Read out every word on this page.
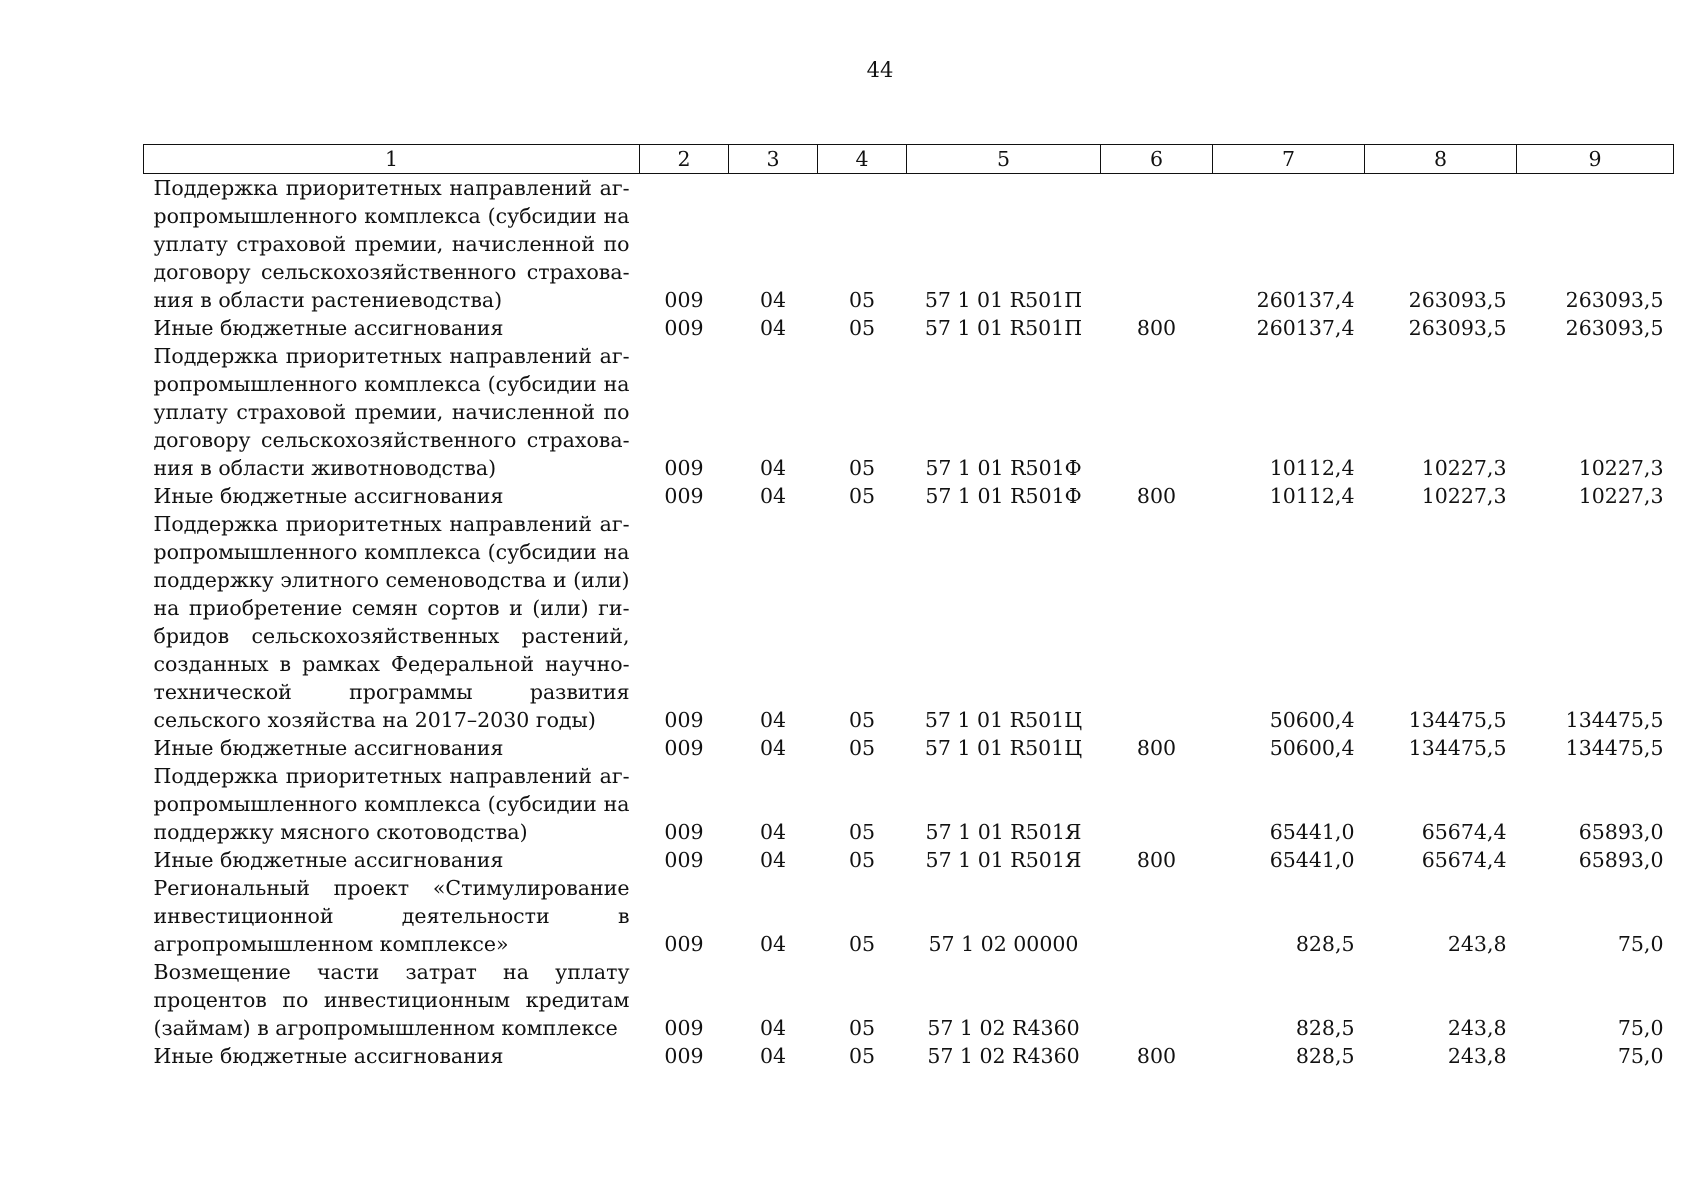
44
1	2	3	4	5	6	7	8	9
Поддержка приоритетных направлений агропромышленного комплекса (субсидии на уплату страховой премии, начисленной по договору сельскохозяйственного страхования в области растениеводства)	009	04	05	57 1 01 R501П		260137,4	263093,5	263093,5
Иные бюджетные ассигнования	009	04	05	57 1 01 R501П	800	260137,4	263093,5	263093,5
Поддержка приоритетных направлений агропромышленного комплекса (субсидии на уплату страховой премии, начисленной по договору сельскохозяйственного страхования в области животноводства)	009	04	05	57 1 01 R501Ф		10112,4	10227,3	10227,3
Иные бюджетные ассигнования	009	04	05	57 1 01 R501Ф	800	10112,4	10227,3	10227,3
Поддержка приоритетных направлений агропромышленного комплекса (субсидии на поддержку элитного семеноводства и (или) на приобретение семян сортов и (или) гибридов сельскохозяйственных растений, созданных в рамках Федеральной научно-технической программы развития сельского хозяйства на 2017–2030 годы)	009	04	05	57 1 01 R501Ц		50600,4	134475,5	134475,5
Иные бюджетные ассигнования	009	04	05	57 1 01 R501Ц	800	50600,4	134475,5	134475,5
Поддержка приоритетных направлений агропромышленного комплекса (субсидии на поддержку мясного скотоводства)	009	04	05	57 1 01 R501Я		65441,0	65674,4	65893,0
Иные бюджетные ассигнования	009	04	05	57 1 01 R501Я	800	65441,0	65674,4	65893,0
Региональный проект «Стимулирование инвестиционной деятельности в агропромышленном комплексе»	009	04	05	57 1 02 00000		828,5	243,8	75,0
Возмещение части затрат на уплату процентов по инвестиционным кредитам (займам) в агропромышленном комплексе	009	04	05	57 1 02 R4360		828,5	243,8	75,0
Иные бюджетные ассигнования	009	04	05	57 1 02 R4360	800	828,5	243,8	75,0
